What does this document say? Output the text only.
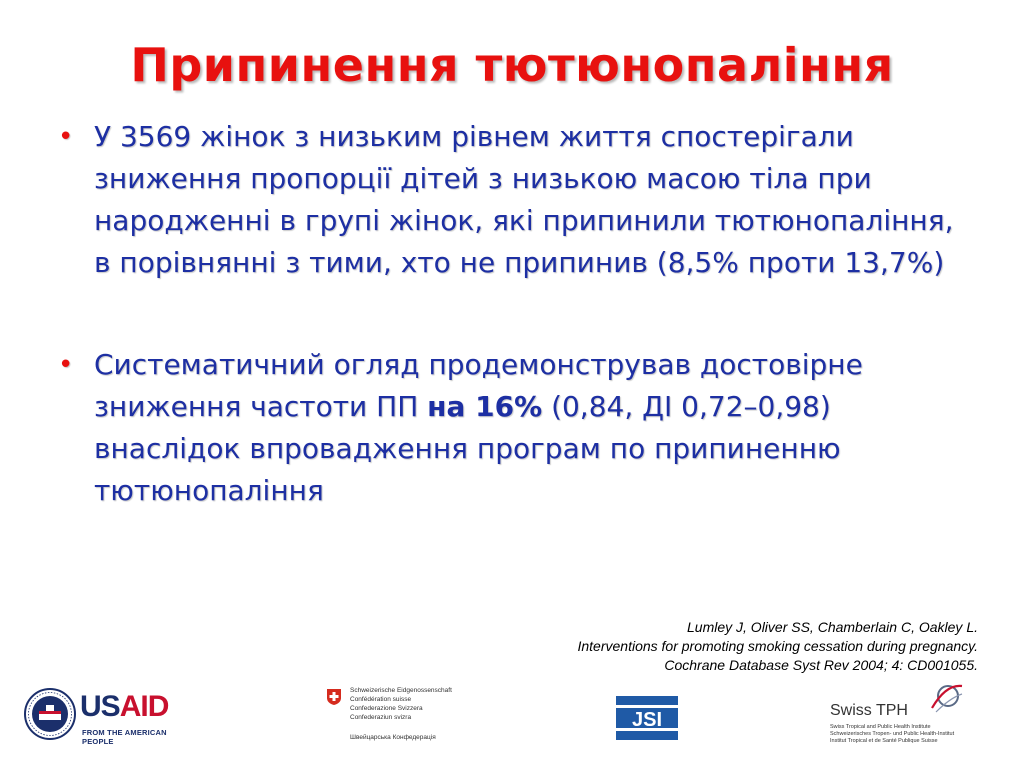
Припинення тютюнопаління
• У 3569 жінок з низьким рівнем життя спостерігали зниження пропорції дітей з низькою масою тіла при народженні в групі жінок, які припинили тютюнопаління, в порівнянні з тими, хто не припинив (8,5% проти 13,7%)
• Систематичний огляд продемонстрував достовірне зниження частоти ПП на 16% (0,84, ДІ 0,72–0,98) внаслідок впровадження програм по припиненню тютюнопаління
Lumley J, Oliver SS, Chamberlain C, Oakley L.
Interventions for promoting smoking cessation during pregnancy.
Cochrane Database Syst Rev 2004; 4: CD001055.
USAID
FROM THE AMERICAN PEOPLE
Schweizerische Eidgenossenschaft
Confédération suisse
Confederazione Svizzera
Confederaziun svizra
Швейцарська Конфедерація
JSI	Swiss TPH
Swiss Tropical and Public Health Institute
Schweizerisches Tropen- und Public Health-Institut
Institut Tropical et de Santé Publique Suisse
